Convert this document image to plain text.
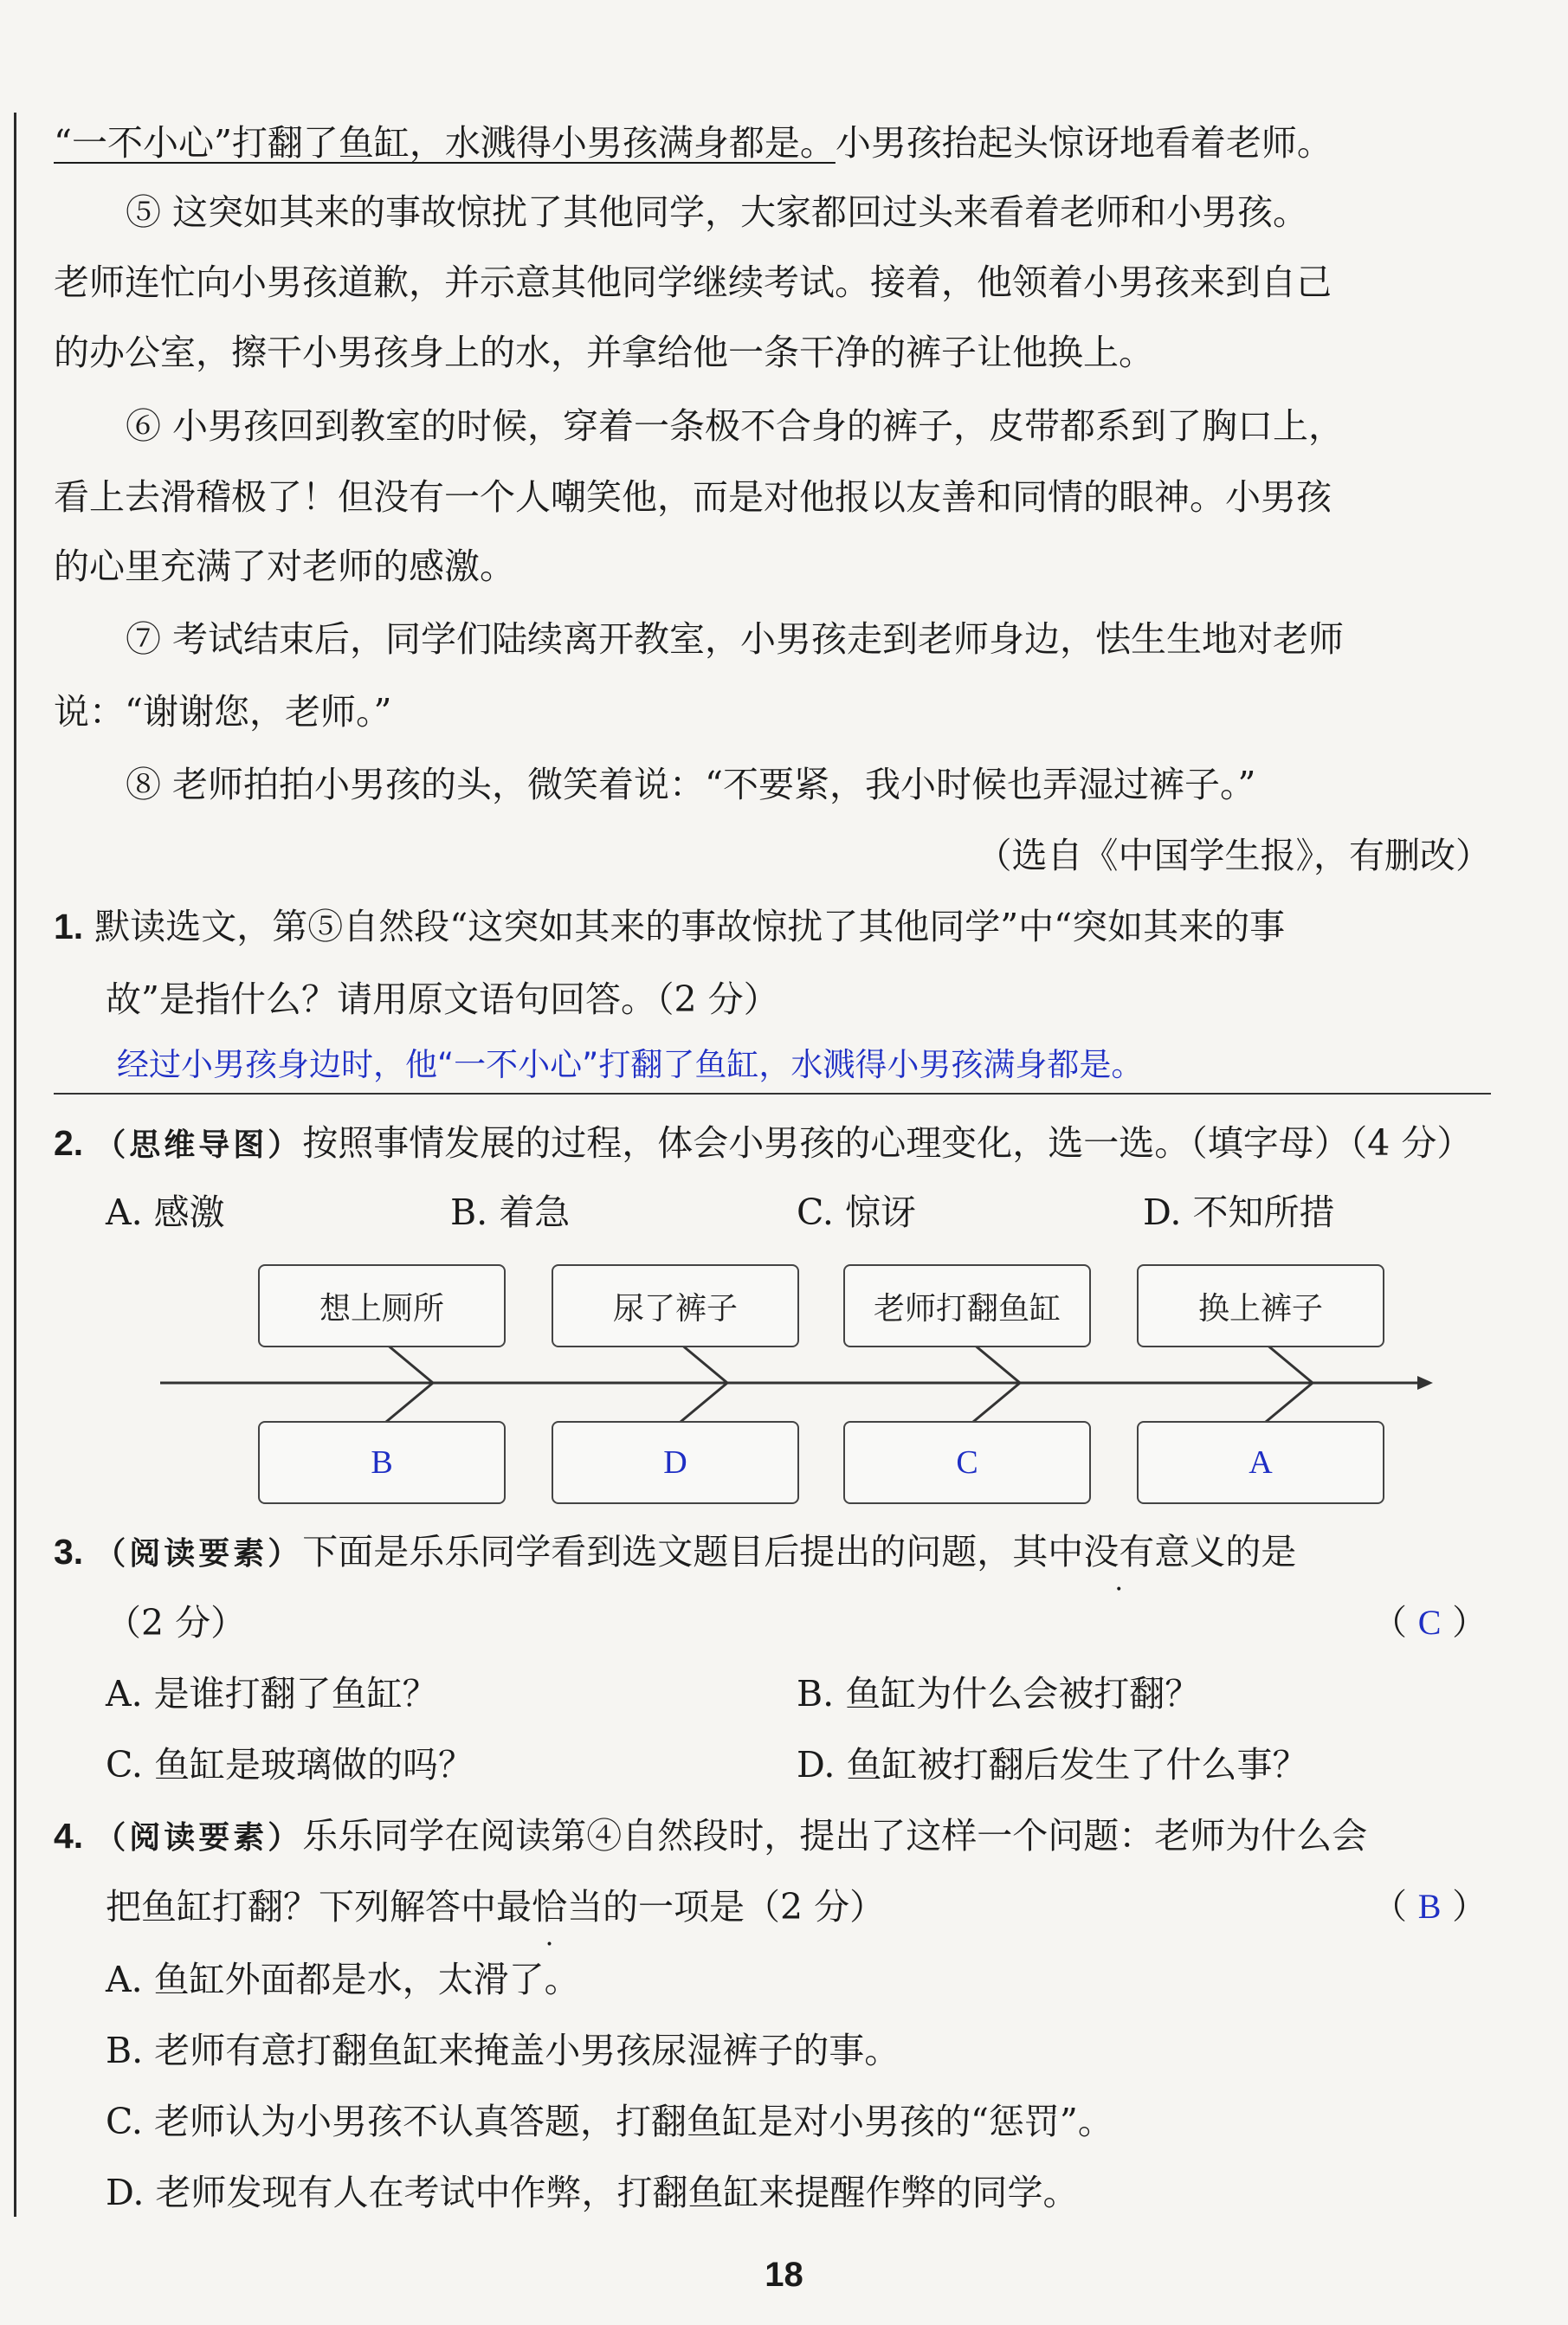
“一不小心”打翻了鱼缸，水溅得小男孩满身都是。小男孩抬起头惊讶地看着老师。
⑤ 这突如其来的事故惊扰了其他同学，大家都回过头来看着老师和小男孩。
老师连忙向小男孩道歉，并示意其他同学继续考试。接着，他领着小男孩来到自己
的办公室，擦干小男孩身上的水，并拿给他一条干净的裤子让他换上。
⑥ 小男孩回到教室的时候，穿着一条极不合身的裤子，皮带都系到了胸口上，
看上去滑稽极了！但没有一个人嘲笑他，而是对他报以友善和同情的眼神。小男孩
的心里充满了对老师的感激。
⑦ 考试结束后，同学们陆续离开教室，小男孩走到老师身边，怯生生地对老师
说：“谢谢您，老师。”
⑧ 老师拍拍小男孩的头，微笑着说：“不要紧，我小时候也弄湿过裤子。”
（选自《中国学生报》，有删改）
1. 默读选文，第⑤自然段“这突如其来的事故惊扰了其他同学”中“突如其来的事
故”是指什么？请用原文语句回答。（2 分）
经过小男孩身边时，他“一不小心”打翻了鱼缸，水溅得小男孩满身都是。
2. （思维导图）按照事情发展的过程，体会小男孩的心理变化，选一选。（填字母）（4 分）
A. 感激	B. 着急	C. 惊讶	D. 不知所措
想上厕所	尿了裤子	老师打翻鱼缸	换上裤子
B	D	C	A
3. （阅读要素）下面是乐乐同学看到选文题目后提出的问题，其中没有意义的是
（2 分）	（ C ）
A. 是谁打翻了鱼缸？	B. 鱼缸为什么会被打翻？
C. 鱼缸是玻璃做的吗？	D. 鱼缸被打翻后发生了什么事？
4. （阅读要素）乐乐同学在阅读第④自然段时，提出了这样一个问题：老师为什么会
把鱼缸打翻？下列解答中最恰当的一项是（2 分）	（ B ）
A. 鱼缸外面都是水，太滑了。
B. 老师有意打翻鱼缸来掩盖小男孩尿湿裤子的事。
C. 老师认为小男孩不认真答题，打翻鱼缸是对小男孩的“惩罚”。
D. 老师发现有人在考试中作弊，打翻鱼缸来提醒作弊的同学。
18
